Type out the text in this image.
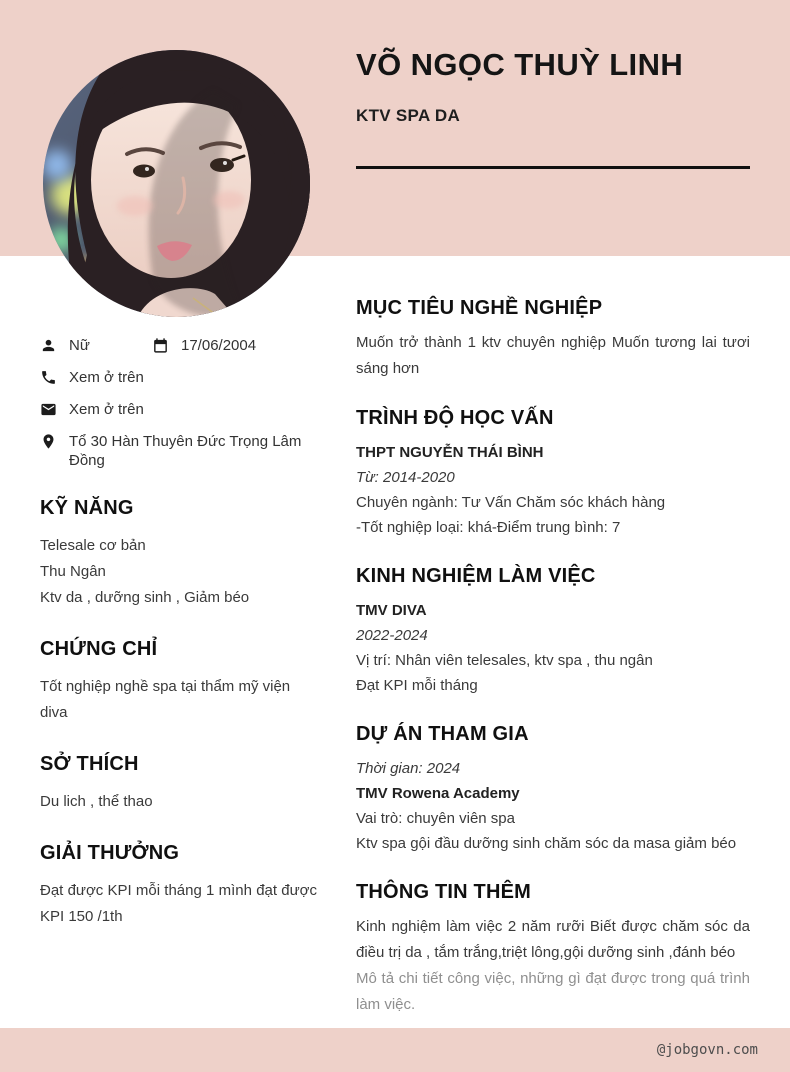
VÕ NGỌC THUỲ LINH
KTV SPA DA
Nữ	17/06/2004
Xem ở trên
Xem ở trên
Tổ 30 Hàn Thuyên Đức Trọng Lâm Đồng
KỸ NĂNG
Telesale cơ bản
Thu Ngân
Ktv da , dưỡng sinh , Giảm béo
CHỨNG CHỈ
Tốt nghiệp nghề spa tại thẩm mỹ viện diva
SỞ THÍCH
Du lich , thể thao
GIẢI THƯỞNG
Đạt được KPI mỗi tháng 1 mình đạt được KPI 150 /1th
MỤC TIÊU NGHỀ NGHIỆP
Muốn trở thành 1 ktv chuyên nghiệp Muốn tương lai tươi sáng hơn
TRÌNH ĐỘ HỌC VẤN
THPT NGUYỄN THÁI BÌNH
Từ: 2014-2020
Chuyên ngành: Tư Vấn Chăm sóc khách hàng
-Tốt nghiệp loại: khá-Điểm trung bình: 7
KINH NGHIỆM LÀM VIỆC
TMV DIVA
2022-2024
Vị trí: Nhân viên telesales, ktv spa , thu ngân
Đạt KPI mỗi tháng
DỰ ÁN THAM GIA
Thời gian: 2024
TMV Rowena Academy
Vai trò: chuyên viên spa
Ktv spa gội đầu dưỡng sinh chăm sóc da masa giảm béo
THÔNG TIN THÊM
Kinh nghiệm làm việc 2 năm rưỡi Biết được chăm sóc da điều trị da , tắm trắng,triệt lông,gội dưỡng sinh ,đánh béo
Mô tả chi tiết công việc, những gì đạt được trong quá trình làm việc.
@jobgovn.com
